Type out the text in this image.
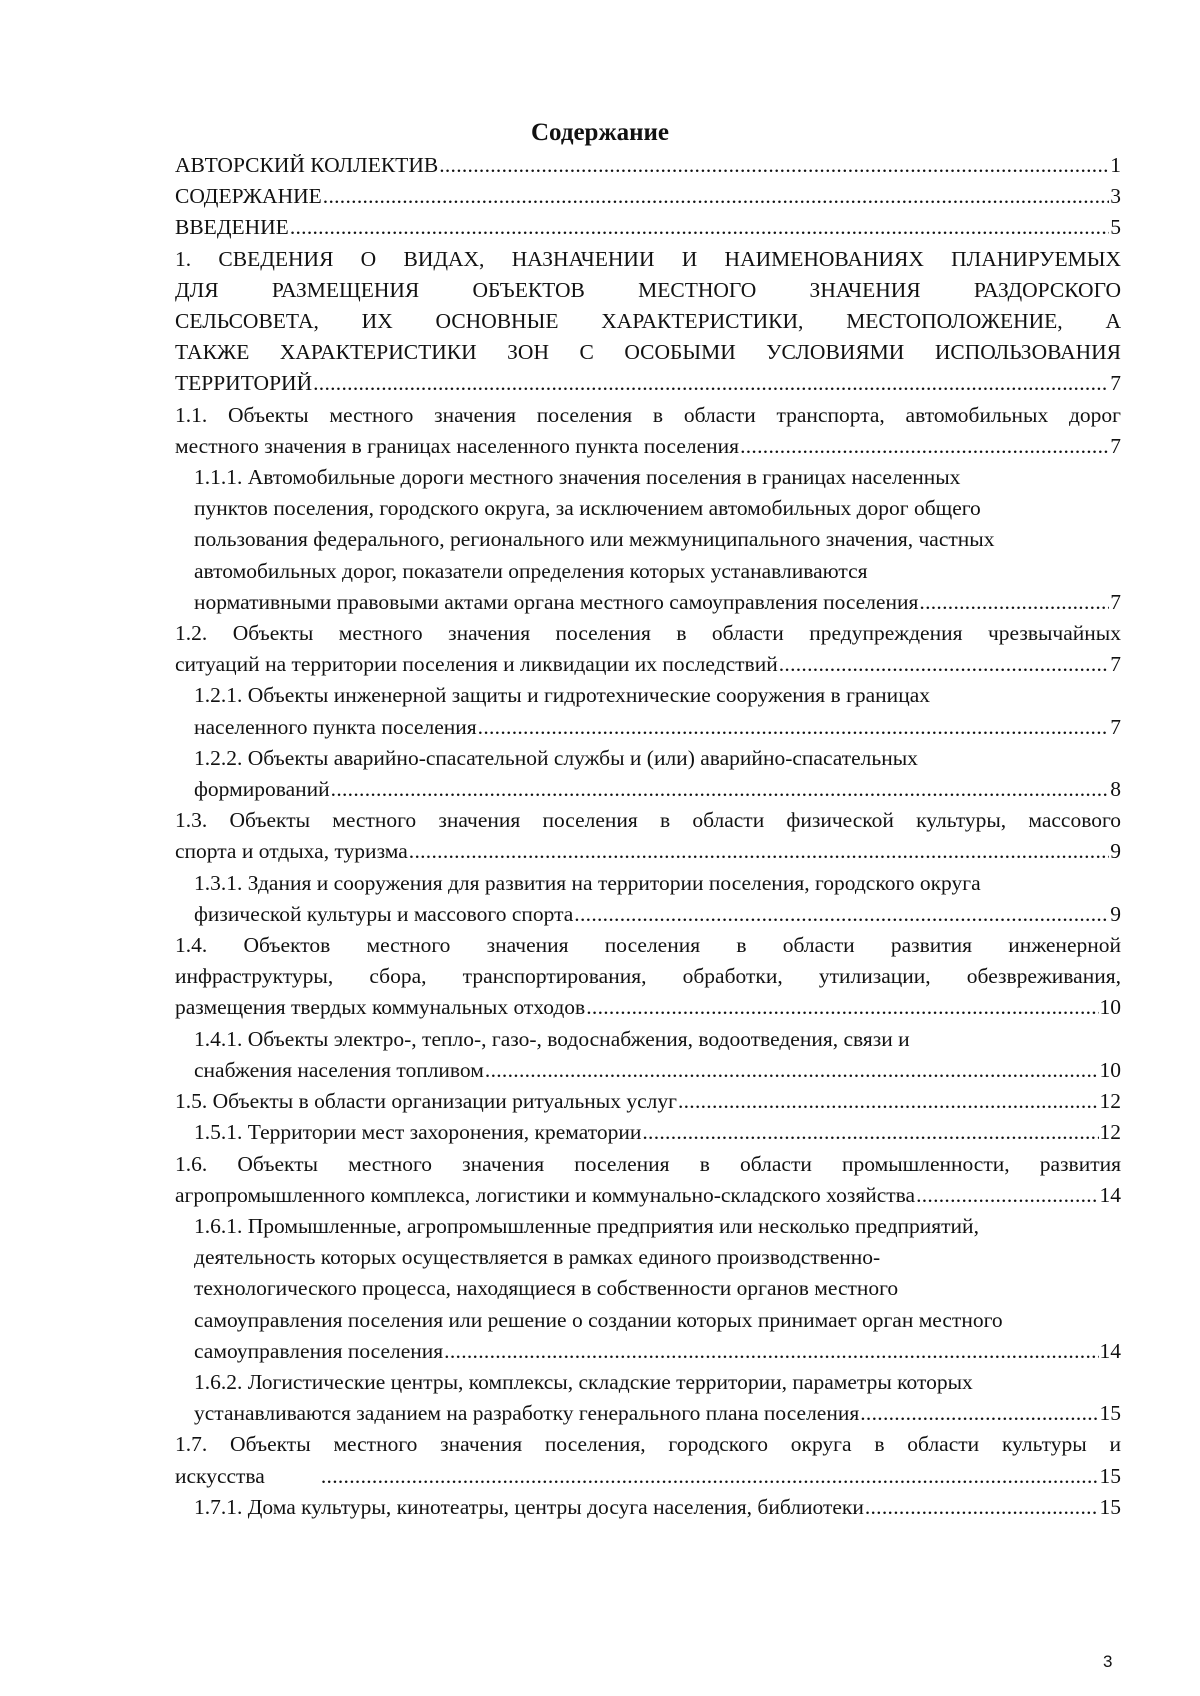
Содержание
АВТОРСКИЙ КОЛЛЕКТИВ .....	1
СОДЕРЖАНИЕ .....	3
ВВЕДЕНИЕ .....	5
1. СВЕДЕНИЯ О ВИДАХ, НАЗНАЧЕНИИ И НАИМЕНОВАНИЯХ ПЛАНИРУЕМЫХ
ДЛЯ РАЗМЕЩЕНИЯ ОБЪЕКТОВ МЕСТНОГО ЗНАЧЕНИЯ РАЗДОРСКОГО
СЕЛЬСОВЕТА, ИХ ОСНОВНЫЕ ХАРАКТЕРИСТИКИ, МЕСТОПОЛОЖЕНИЕ, А
ТАКЖЕ ХАРАКТЕРИСТИКИ ЗОН С ОСОБЫМИ УСЛОВИЯМИ ИСПОЛЬЗОВАНИЯ
ТЕРРИТОРИЙ .....	7
1.1. Объекты местного значения поселения в области транспорта, автомобильных дорог
местного значения в границах населенного пункта поселения .....	7
1.1.1. Автомобильные дороги местного значения поселения в границах населенных
пунктов поселения, городского округа, за исключением автомобильных дорог общего
пользования федерального, регионального или межмуниципального значения, частных
автомобильных дорог, показатели определения которых устанавливаются
нормативными правовыми актами органа местного самоуправления поселения .....	7
1.2. Объекты местного значения поселения в области предупреждения чрезвычайных
ситуаций на территории поселения и ликвидации их последствий .....	7
1.2.1. Объекты инженерной защиты и гидротехнические сооружения в границах
населенного пункта поселения .....	7
1.2.2. Объекты аварийно-спасательной службы и (или) аварийно-спасательных
формирований .....	8
1.3. Объекты местного значения поселения в области физической культуры, массового
спорта и отдыха, туризма .....	9
1.3.1. Здания и сооружения для развития на территории поселения, городского округа
физической культуры и массового спорта .....	9
1.4. Объектов местного значения поселения в области развития инженерной
инфраструктуры, сбора, транспортирования, обработки, утилизации, обезвреживания,
размещения твердых коммунальных отходов .....	10
1.4.1. Объекты электро-, тепло-, газо-, водоснабжения, водоотведения, связи и
снабжения населения топливом .....	10
1.5. Объекты в области организации ритуальных услуг .....	12
1.5.1. Территории мест захоронения, крематории .....	12
1.6. Объекты местного значения поселения в области промышленности, развития
агропромышленного комплекса, логистики и коммунально-складского хозяйства .....	14
1.6.1. Промышленные, агропромышленные предприятия или несколько предприятий,
деятельность которых осуществляется в рамках единого производственно-
технологического процесса, находящиеся в собственности органов местного
самоуправления поселения или решение о создании которых принимает орган местного
самоуправления поселения .....	14
1.6.2. Логистические центры, комплексы, складские территории, параметры которых
устанавливаются заданием на разработку генерального плана поселения .....	15
1.7. Объекты местного значения поселения, городского округа в области культуры и
искусства .....	15
1.7.1. Дома культуры, кинотеатры, центры досуга населения, библиотеки .....	15
3
